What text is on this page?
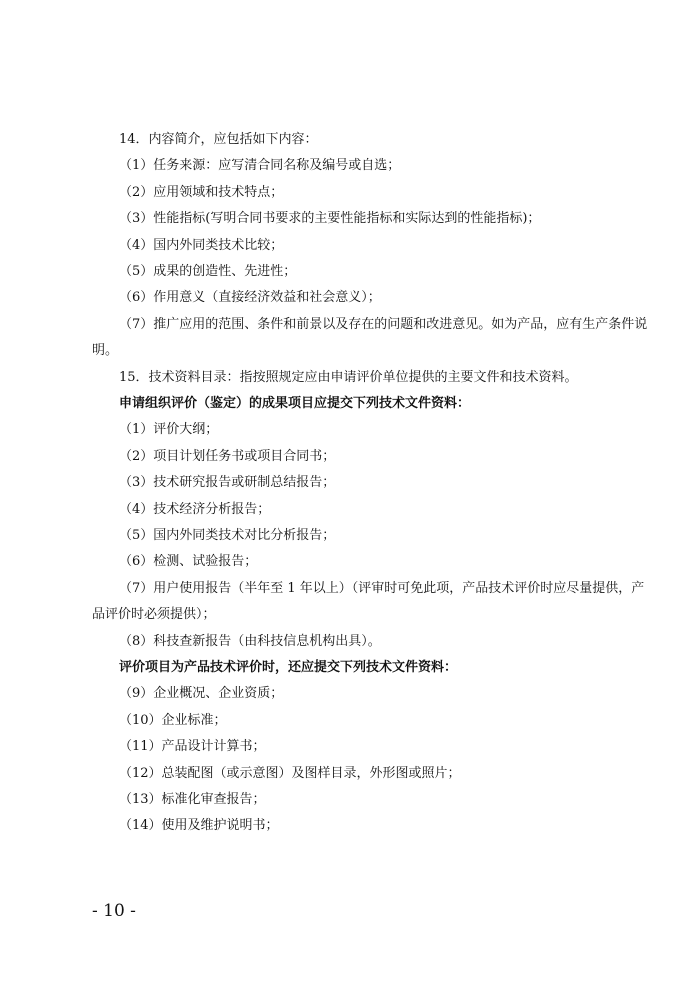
14．内容简介，应包括如下内容：
（1）任务来源：应写清合同名称及编号或自选；
（2）应用领域和技术特点；
（3）性能指标(写明合同书要求的主要性能指标和实际达到的性能指标)；
（4）国内外同类技术比较；
（5）成果的创造性、先进性；
（6）作用意义（直接经济效益和社会意义）；
（7）推广应用的范围、条件和前景以及存在的问题和改进意见。如为产品，应有生产条件说
明。
15．技术资料目录：指按照规定应由申请评价单位提供的主要文件和技术资料。
申请组织评价（鉴定）的成果项目应提交下列技术文件资料：
（1）评价大纲；
（2）项目计划任务书或项目合同书；
（3）技术研究报告或研制总结报告；
（4）技术经济分析报告；
（5）国内外同类技术对比分析报告；
（6）检测、试验报告；
（7）用户使用报告（半年至 1 年以上）（评审时可免此项，产品技术评价时应尽量提供，产
品评价时必须提供）；
（8）科技查新报告（由科技信息机构出具）。
评价项目为产品技术评价时，还应提交下列技术文件资料：
（9）企业概况、企业资质；
（10）企业标准；
（11）产品设计计算书；
（12）总装配图（或示意图）及图样目录，外形图或照片；
（13）标准化审查报告；
（14）使用及维护说明书；
- 10 -
